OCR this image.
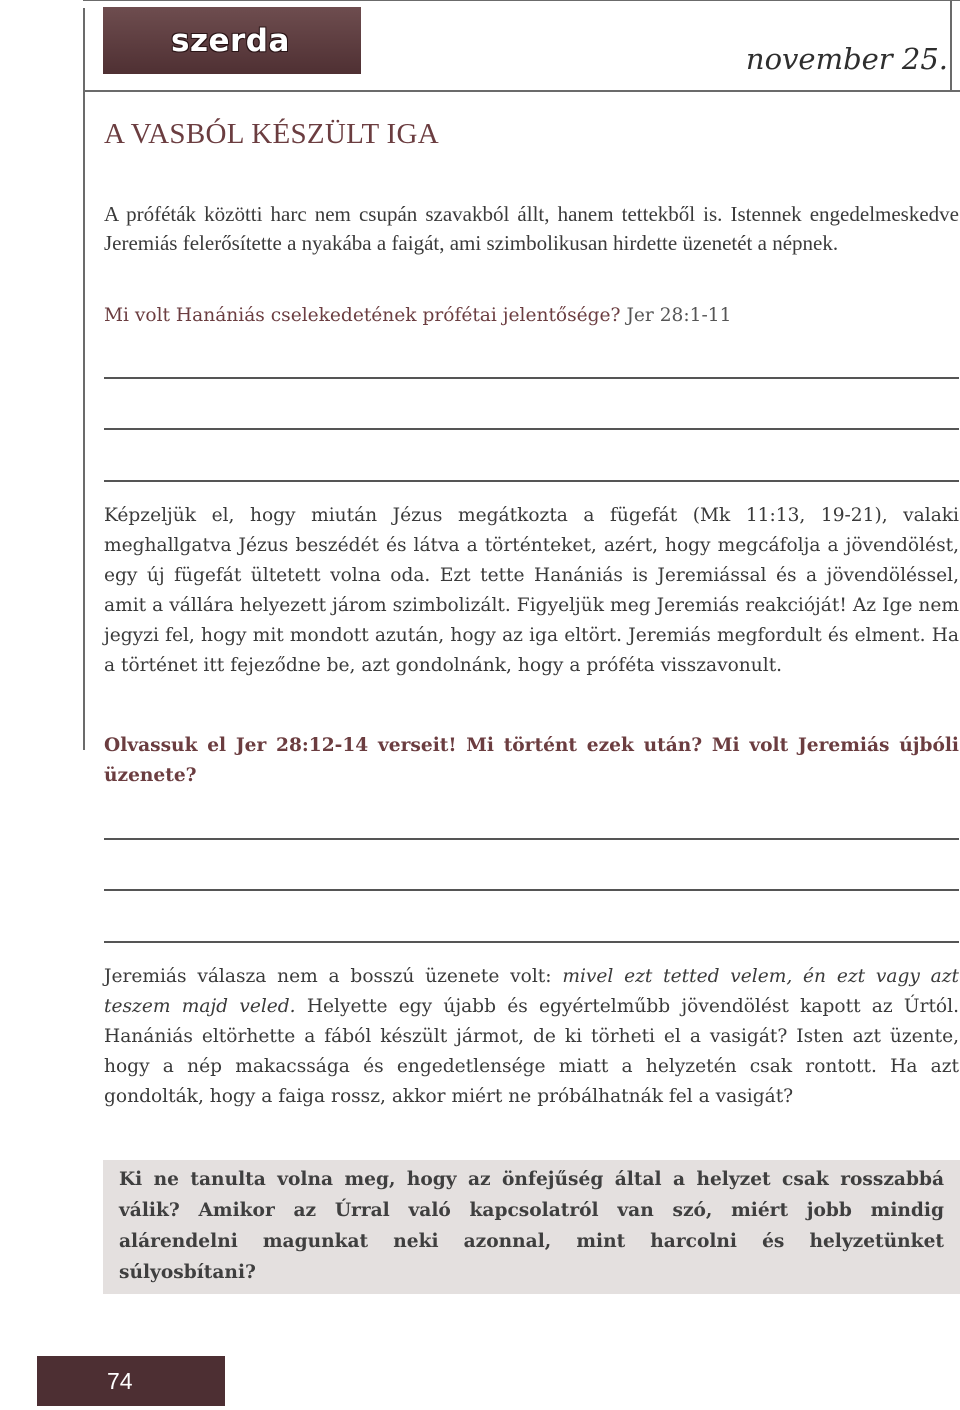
szerda
november 25.
A VASBÓL KÉSZÜLT IGA

A próféták közötti harc nem csupán szavakból állt, hanem tettekből is. Istennek engedelmeskedve Jeremiás felerősítette a nyakába a faigát, ami szimbolikusan hirdette üzenetét a népnek.

Mi volt Hanániás cselekedetének prófétai jelentősége? Jer 28:1-11

Képzeljük el, hogy miután Jézus megátkozta a fügefát (Mk 11:13, 19-21), valaki meghallgatva Jézus beszédét és látva a történteket, azért, hogy megcáfolja a jövendölést, egy új fügefát ültetett volna oda. Ezt tette Hanániás is Jeremiással és a jövendöléssel, amit a vállára helyezett járom szimbolizált. Figyeljük meg Jeremiás reakcióját! Az Ige nem jegyzi fel, hogy mit mondott azután, hogy az iga eltört. Jeremiás megfordult és elment. Ha a történet itt fejeződne be, azt gondolnánk, hogy a próféta visszavonult.

Olvassuk el Jer 28:12-14 verseit! Mi történt ezek után? Mi volt Jeremiás újbóli üzenete?

Jeremiás válasza nem a bosszú üzenete volt: mivel ezt tetted velem, én ezt vagy azt teszem majd veled. Helyette egy újabb és egyértelműbb jövendölést kapott az Úrtól. Hanániás eltörhette a fából készült jármot, de ki törheti el a vasigát? Isten azt üzente, hogy a nép makacssága és engedetlensége miatt a helyzetén csak rontott. Ha azt gondolták, hogy a faiga rossz, akkor miért ne próbálhatnák fel a vasigát?

Ki ne tanulta volna meg, hogy az önfejűség által a helyzet csak rosszabbá válik? Amikor az Úrral való kapcsolatról van szó, miért jobb mindig alárendelni magunkat neki azonnal, mint harcolni és helyzetünket súlyosbítani?

74
